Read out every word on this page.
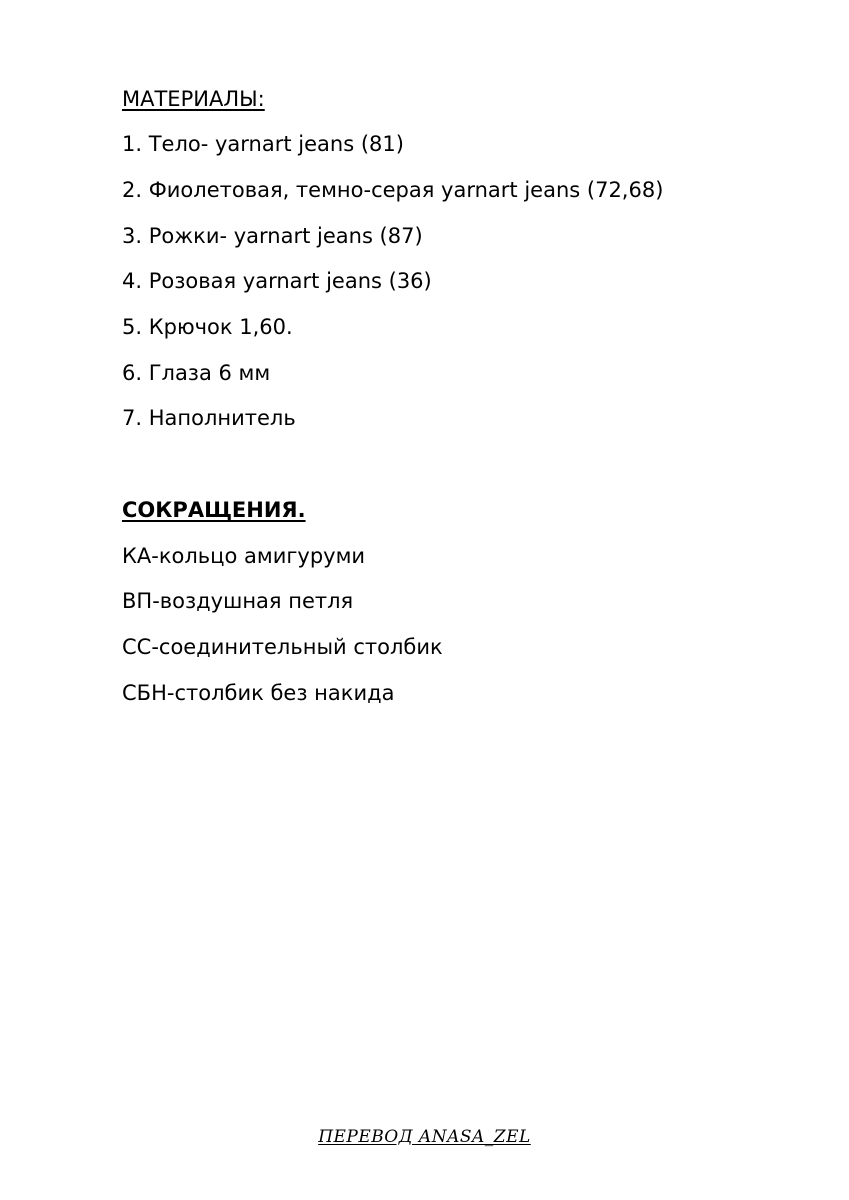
МАТЕРИАЛЫ:
1. Тело- yarnart jeans (81)
2. Фиолетовая, темно-серая yarnart jeans (72,68)
3. Рожки- yarnart jeans (87)
4. Розовая yarnart jeans (36)
5. Крючок 1,60.
6. Глаза 6 мм
7. Наполнитель
СОКРАЩЕНИЯ.
КА-кольцо амигуруми
ВП-воздушная петля
СС-соединительный столбик
СБН-столбик без накида
ПЕРЕВОД ANASA_ZEL
